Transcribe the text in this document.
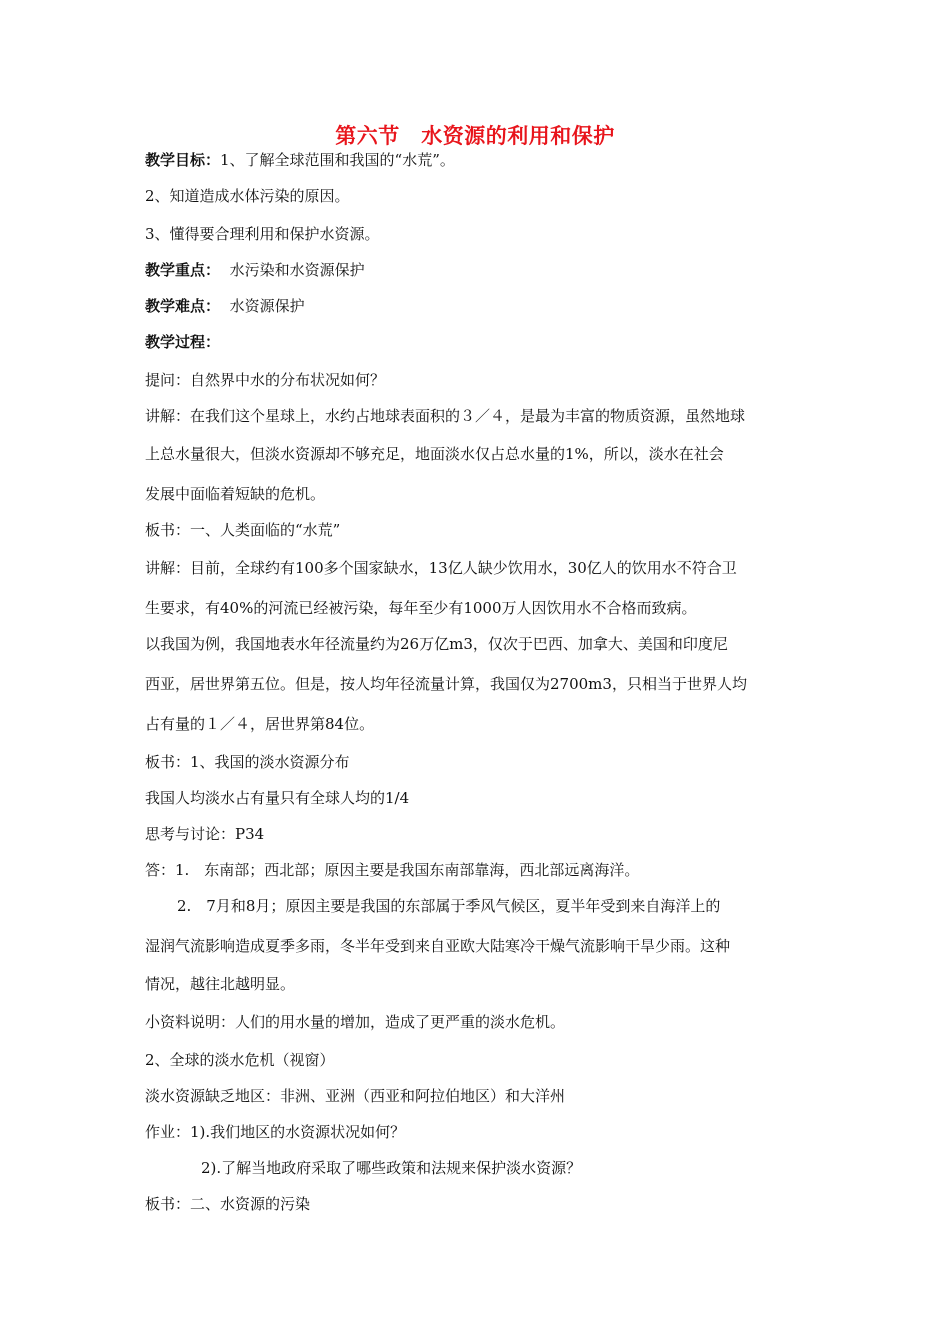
第六节　水资源的利用和保护
教学目标：1、了解全球范围和我国的“水荒”。
2、知道造成水体污染的原因。
3、懂得要合理利用和保护水资源。
教学重点： 水污染和水资源保护
教学难点： 水资源保护
教学过程：
提问：自然界中水的分布状况如何？
讲解：在我们这个星球上，水约占地球表面积的３／４，是最为丰富的物质资源，虽然地球
上总水量很大，但淡水资源却不够充足，地面淡水仅占总水量的1%，所以，淡水在社会
发展中面临着短缺的危机。
板书：一、人类面临的“水荒”
讲解：目前，全球约有100多个国家缺水，13亿人缺少饮用水，30亿人的饮用水不符合卫
生要求，有40%的河流已经被污染，每年至少有1000万人因饮用水不合格而致病。
以我国为例，我国地表水年径流量约为26万亿m3，仅次于巴西、加拿大、美国和印度尼
西亚，居世界第五位。但是，按人均年径流量计算，我国仅为2700m3，只相当于世界人均
占有量的１／４，居世界第84位。
板书：1、我国的淡水资源分布
我国人均淡水占有量只有全球人均的1/4
思考与讨论：P34
答：1.　东南部；西北部；原因主要是我国东南部靠海，西北部远离海洋。
2.　7月和8月；原因主要是我国的东部属于季风气候区，夏半年受到来自海洋上的
湿润气流影响造成夏季多雨，冬半年受到来自亚欧大陆寒冷干燥气流影响干旱少雨。这种
情况，越往北越明显。
小资料说明：人们的用水量的增加，造成了更严重的淡水危机。
2、全球的淡水危机（视窗）
淡水资源缺乏地区：非洲、亚洲（西亚和阿拉伯地区）和大洋州
作业：1).我们地区的水资源状况如何？
2).了解当地政府采取了哪些政策和法规来保护淡水资源？
板书：二、水资源的污染
